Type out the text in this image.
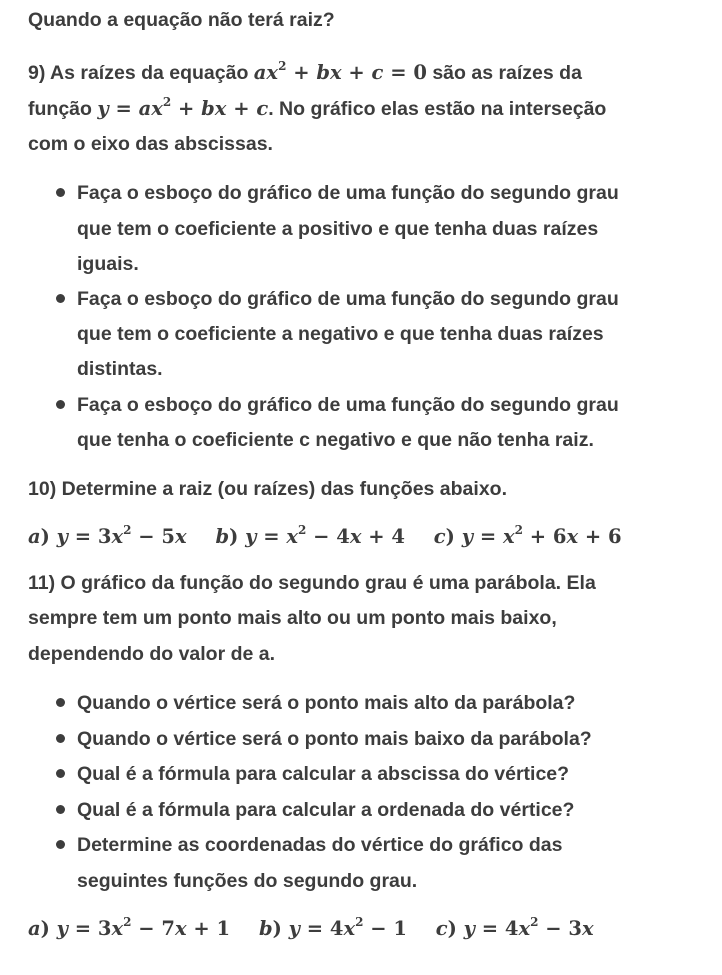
Quando a equação não terá raiz?
9) As raízes da equação $ax^2$ + bx + c = 0 são as raízes da
função $y = ax^2$ + bx + c. No gráfico elas estão na interseção
com o eixo das abscissas.
Faça o esboço do gráfico de uma função do segundo grau
que tem o coeficiente a positivo e que tenha duas raízes
iguais.
Faça o esboço do gráfico de uma função do segundo grau
que tem o coeficiente a negativo e que tenha duas raízes
distintas.
Faça o esboço do gráfico de uma função do segundo grau
que tenha o coeficiente c negativo e que não tenha raiz.
10) Determine a raiz (ou raízes) das funções abaixo.
a) $y = 3x^2 - 5x$ b) $y = x^2 - 4x + 4$ c) $y = x^2 + 6x + 6$
11) O gráfico da função do segundo grau é uma parábola. Ela
sempre tem um ponto mais alto ou um ponto mais baixo,
dependendo do valor de a.
Quando o vértice será o ponto mais alto da parábola?
Quando o vértice será o ponto mais baixo da parábola?
Qual é a fórmula para calcular a abscissa do vértice?
Qual é a fórmula para calcular a ordenada do vértice?
Determine as coordenadas do vértice do gráfico das
seguintes funções do segundo grau.
a) $y = 3x^2 - 7x + 1$ b) $y = 4x^2 - 1$ c) $y = 4x^2 - 3x$
